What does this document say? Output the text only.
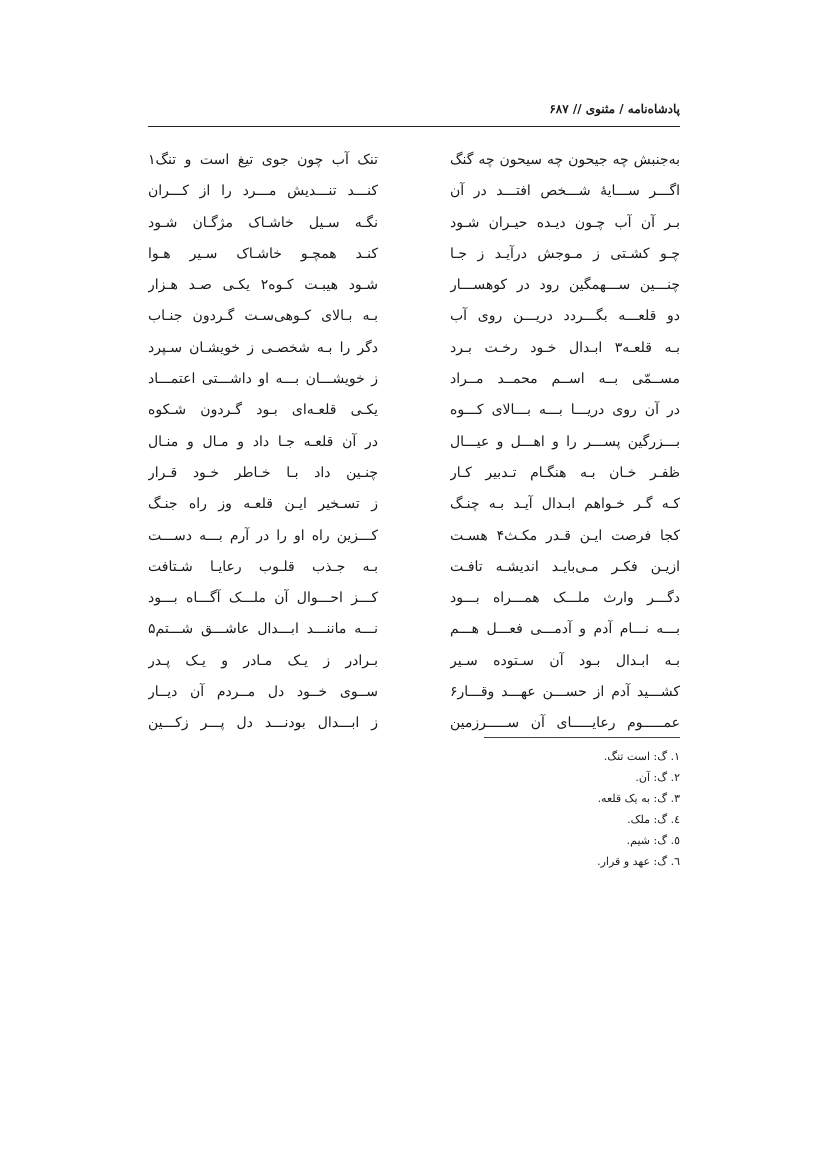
پادشاه‌نامه / مثنوی // ۶۸۷
به‌جنبش چه جیحون چه سیحون چه گنگ
تنک آب چون جوی تیغ است و تنگ۱
اگـــر ســـایهٔ شـــخص افتـــد در آن
کنـــد تنـــدیش مـــرد را از کـــران
بـر آن آب چـون دیـده حیـران شـود
نگـه سـیل خاشـاک مژگـان شـود
چـو کشـتی ز مـوجش درآیـد ز جـا
کنـد همچـو خاشـاک سـیر هـوا
چنـــین ســـهمگین رود در کوهســـار
شـود هیبـت کـوه۲ یکـی صـد هـزار
دو قلعـــه بگـــردد دریـــن روی آب
بـه بـالای کـوهی‌سـت گـردون جنـاب
بـه قلعـه۳ ابـدال خـود رخـت بـرد
دگر را بـه شخصـی ز خویشـان سـپرد
مســمّی بــه اســم محمــد مــراد
ز خویشـــان بـــه او داشـــتی اعتمـــاد
در آن روی دریـــا بـــه بـــالای کـــوه
یکـی قلعـه‌ای بـود گـردون شـکوه
بـــزرگین پســـر را و اهـــل و عیـــال
در آن قلعـه جـا داد و مـال و منـال
ظفـر خـان بـه هنگـام تـدبیر کـار
چنـین داد بـا خـاطر خـود قـرار
کـه گـر خـواهم ابـدال آیـد بـه چنـگ
ز تسـخیر ایـن قلعـه وز راه جنـگ
کجا فرصت ایـن قـدر مکـث۴ هسـت
کـــزین راه او را در آرم بـــه دســـت
ازیـن فکـر مـی‌بایـد اندیشـه تافـت
بـه جـذب قلـوب رعایـا شـتافت
دگـــر وارث ملـــک همـــراه بـــود
کـــز احـــوال آن ملـــک آگـــاه بـــود
بـــه نـــام آدم و آدمـــی فعـــل هـــم
نـــه ماننـــد ابـــدال عاشـــق شـــتم۵
بـه ابـدال بـود آن سـتوده سـیر
بـرادر ز یـک مـادر و یـک پـدر
کشـــید آدم از حســـن عهـــد وقـــار۶
ســوی خــود دل مــردم آن دیــار
عمـــــوم رعایـــــای آن ســـــرزمین
ز ابـــدال بودنـــد دل پـــر زکـــین
۱. گ: است تنگ.
۲. گ: آن.
۳. گ: به یک قلعه.
٤. گ: ملک.
٥. گ: شیم.
٦. گ: عهد و قرار.
